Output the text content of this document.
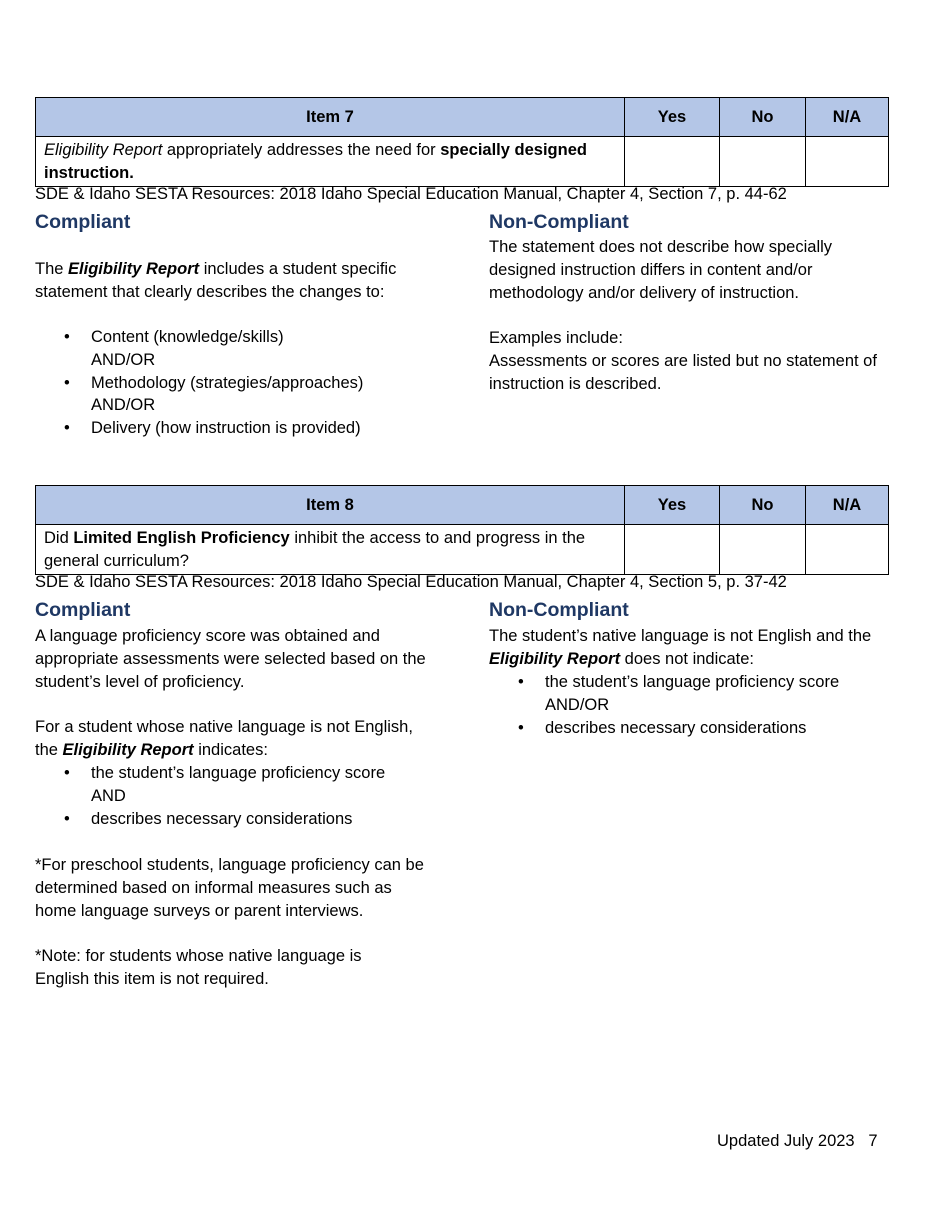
Item 7	Yes	No	N/A
Eligibility Report appropriately addresses the need for specially designed instruction.			
SDE & Idaho SESTA Resources: 2018 Idaho Special Education Manual, Chapter 4, Section 7, p. 44-62
Compliant
The Eligibility Report includes a student specific statement that clearly describes the changes to:
• Content (knowledge/skills)
AND/OR
• Methodology (strategies/approaches)
AND/OR
• Delivery (how instruction is provided)
Non-Compliant
The statement does not describe how specially designed instruction differs in content and/or methodology and/or delivery of instruction.
Examples include:
Assessments or scores are listed but no statement of instruction is described.
Item 8	Yes	No	N/A
Did Limited English Proficiency inhibit the access to and progress in the general curriculum?			
SDE & Idaho SESTA Resources: 2018 Idaho Special Education Manual, Chapter 4, Section 5, p. 37-42
Compliant
A language proficiency score was obtained and appropriate assessments were selected based on the student’s level of proficiency.
For a student whose native language is not English, the Eligibility Report indicates:
• the student’s language proficiency score
AND
• describes necessary considerations
*For preschool students, language proficiency can be determined based on informal measures such as home language surveys or parent interviews.
*Note: for students whose native language is English this item is not required.
Non-Compliant
The student’s native language is not English and the Eligibility Report does not indicate:
• the student’s language proficiency score
AND/OR
• describes necessary considerations
Updated July 2023 7
